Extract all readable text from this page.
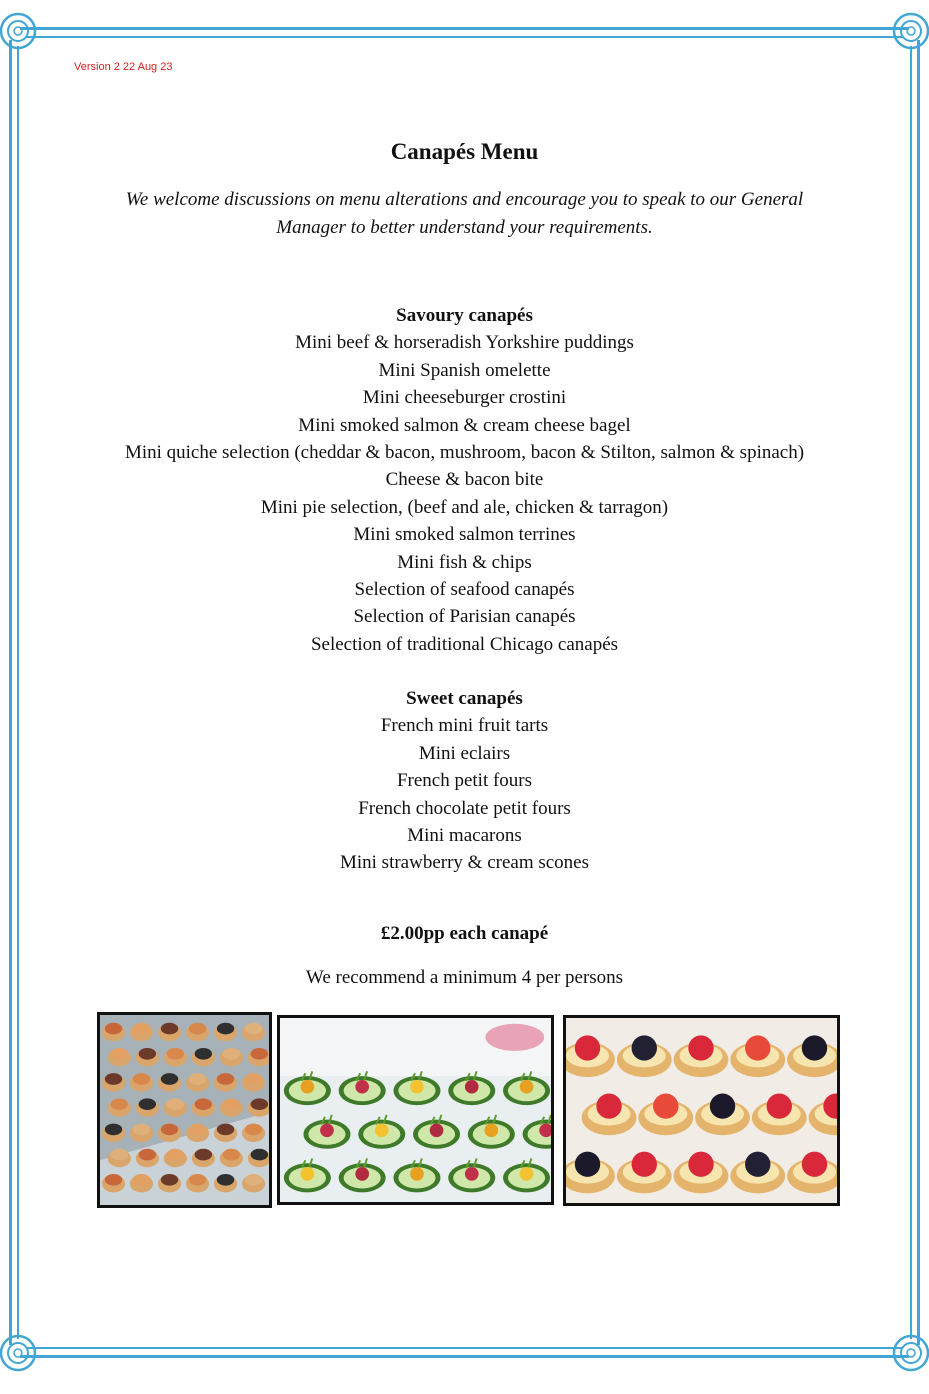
Version 2 22 Aug 23
Canapés Menu
We welcome discussions on menu alterations and encourage you to speak to our General Manager to better understand your requirements.
Savoury canapés
Mini beef & horseradish Yorkshire puddings
Mini Spanish omelette
Mini cheeseburger crostini
Mini smoked salmon & cream cheese bagel
Mini quiche selection (cheddar & bacon, mushroom, bacon & Stilton, salmon & spinach)
Cheese & bacon bite
Mini pie selection, (beef and ale, chicken & tarragon)
Mini smoked salmon terrines
Mini fish & chips
Selection of seafood canapés
Selection of Parisian canapés
Selection of traditional Chicago canapés
Sweet canapés
French mini fruit tarts
Mini eclairs
French petit fours
French chocolate petit fours
Mini macarons
Mini strawberry & cream scones
£2.00pp each canapé
We recommend a minimum 4 per persons
